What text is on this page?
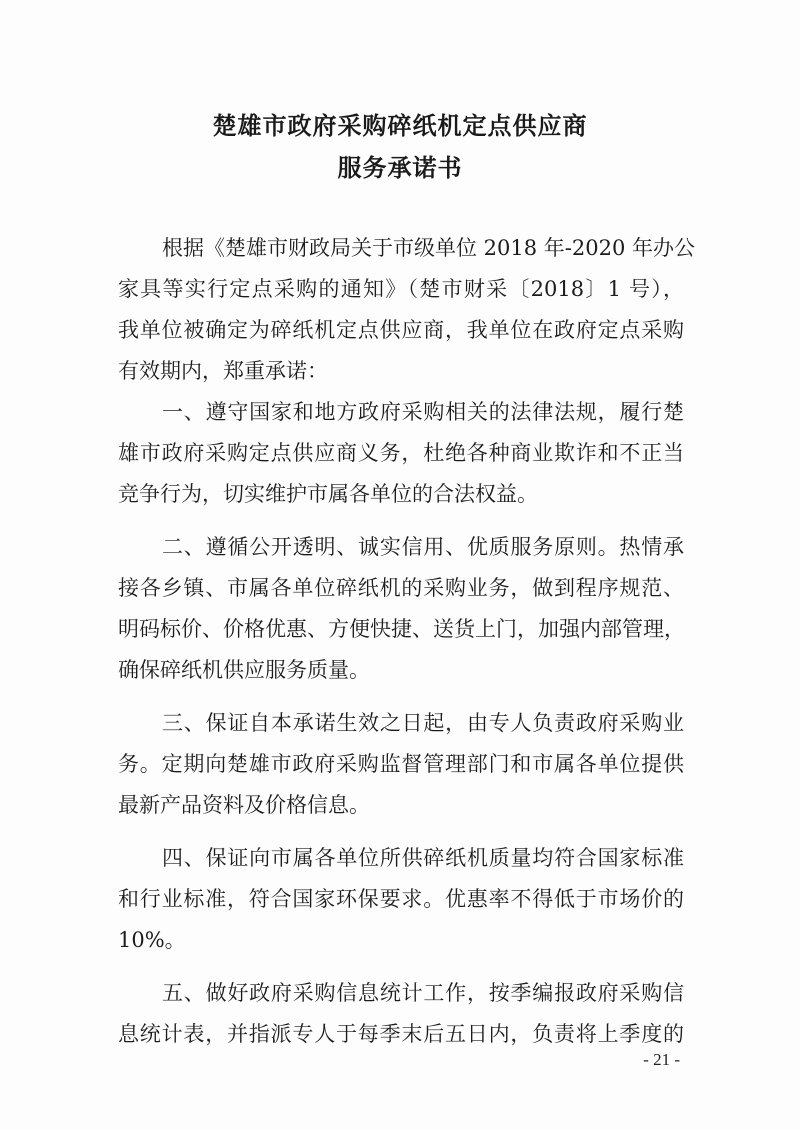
楚雄市政府采购碎纸机定点供应商
服务承诺书
根据《楚雄市财政局关于市级单位 2018 年-2020 年办公
家具等实行定点采购的通知》（楚市财采〔2018〕1 号），
我单位被确定为碎纸机定点供应商，我单位在政府定点采购
有效期内，郑重承诺：
一、遵守国家和地方政府采购相关的法律法规，履行楚
雄市政府采购定点供应商义务，杜绝各种商业欺诈和不正当
竞争行为，切实维护市属各单位的合法权益。
二、遵循公开透明、诚实信用、优质服务原则。热情承
接各乡镇、市属各单位碎纸机的采购业务，做到程序规范、
明码标价、价格优惠、方便快捷、送货上门，加强内部管理，
确保碎纸机供应服务质量。
三、保证自本承诺生效之日起，由专人负责政府采购业
务。定期向楚雄市政府采购监督管理部门和市属各单位提供
最新产品资料及价格信息。
四、保证向市属各单位所供碎纸机质量均符合国家标准
和行业标准，符合国家环保要求。优惠率不得低于市场价的
10%。
五、做好政府采购信息统计工作，按季编报政府采购信
息统计表，并指派专人于每季末后五日内，负责将上季度的
- 21 -
